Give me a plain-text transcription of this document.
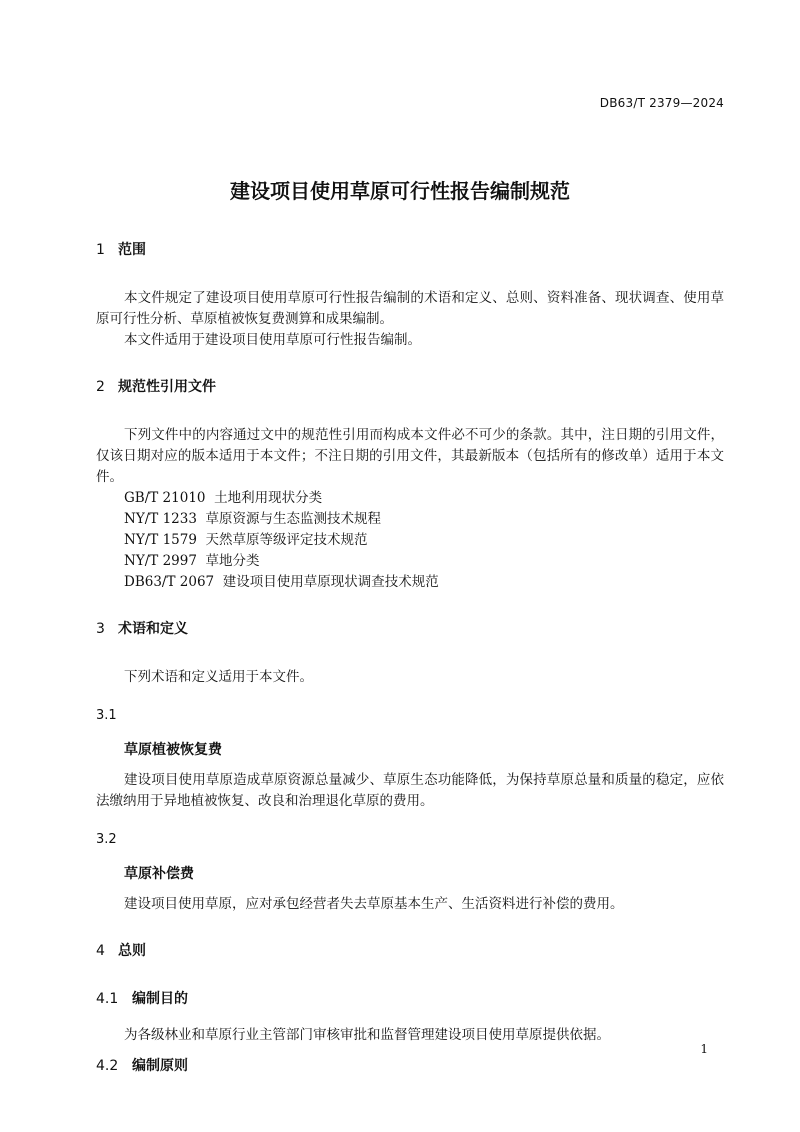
DB63/T 2379—2024
建设项目使用草原可行性报告编制规范
1 范围

本文件规定了建设项目使用草原可行性报告编制的术语和定义、总则、资料准备、现状调查、使用草原可行性分析、草原植被恢复费测算和成果编制。

本文件适用于建设项目使用草原可行性报告编制。

2 规范性引用文件

下列文件中的内容通过文中的规范性引用而构成本文件必不可少的条款。其中，注日期的引用文件，仅该日期对应的版本适用于本文件；不注日期的引用文件，其最新版本（包括所有的修改单）适用于本文件。

GB/T 21010  土地利用现状分类

NY/T 1233  草原资源与生态监测技术规程

NY/T 1579  天然草原等级评定技术规范

NY/T 2997  草地分类

DB63/T 2067  建设项目使用草原现状调查技术规范

3 术语和定义

下列术语和定义适用于本文件。

3.1
草原植被恢复费

建设项目使用草原造成草原资源总量减少、草原生态功能降低，为保持草原总量和质量的稳定，应依法缴纳用于异地植被恢复、改良和治理退化草原的费用。

3.2
草原补偿费

建设项目使用草原，应对承包经营者失去草原基本生产、生活资料进行补偿的费用。

4 总则
4.1 编制目的

为各级林业和草原行业主管部门审核审批和监督管理建设项目使用草原提供依据。

4.2 编制原则
1
